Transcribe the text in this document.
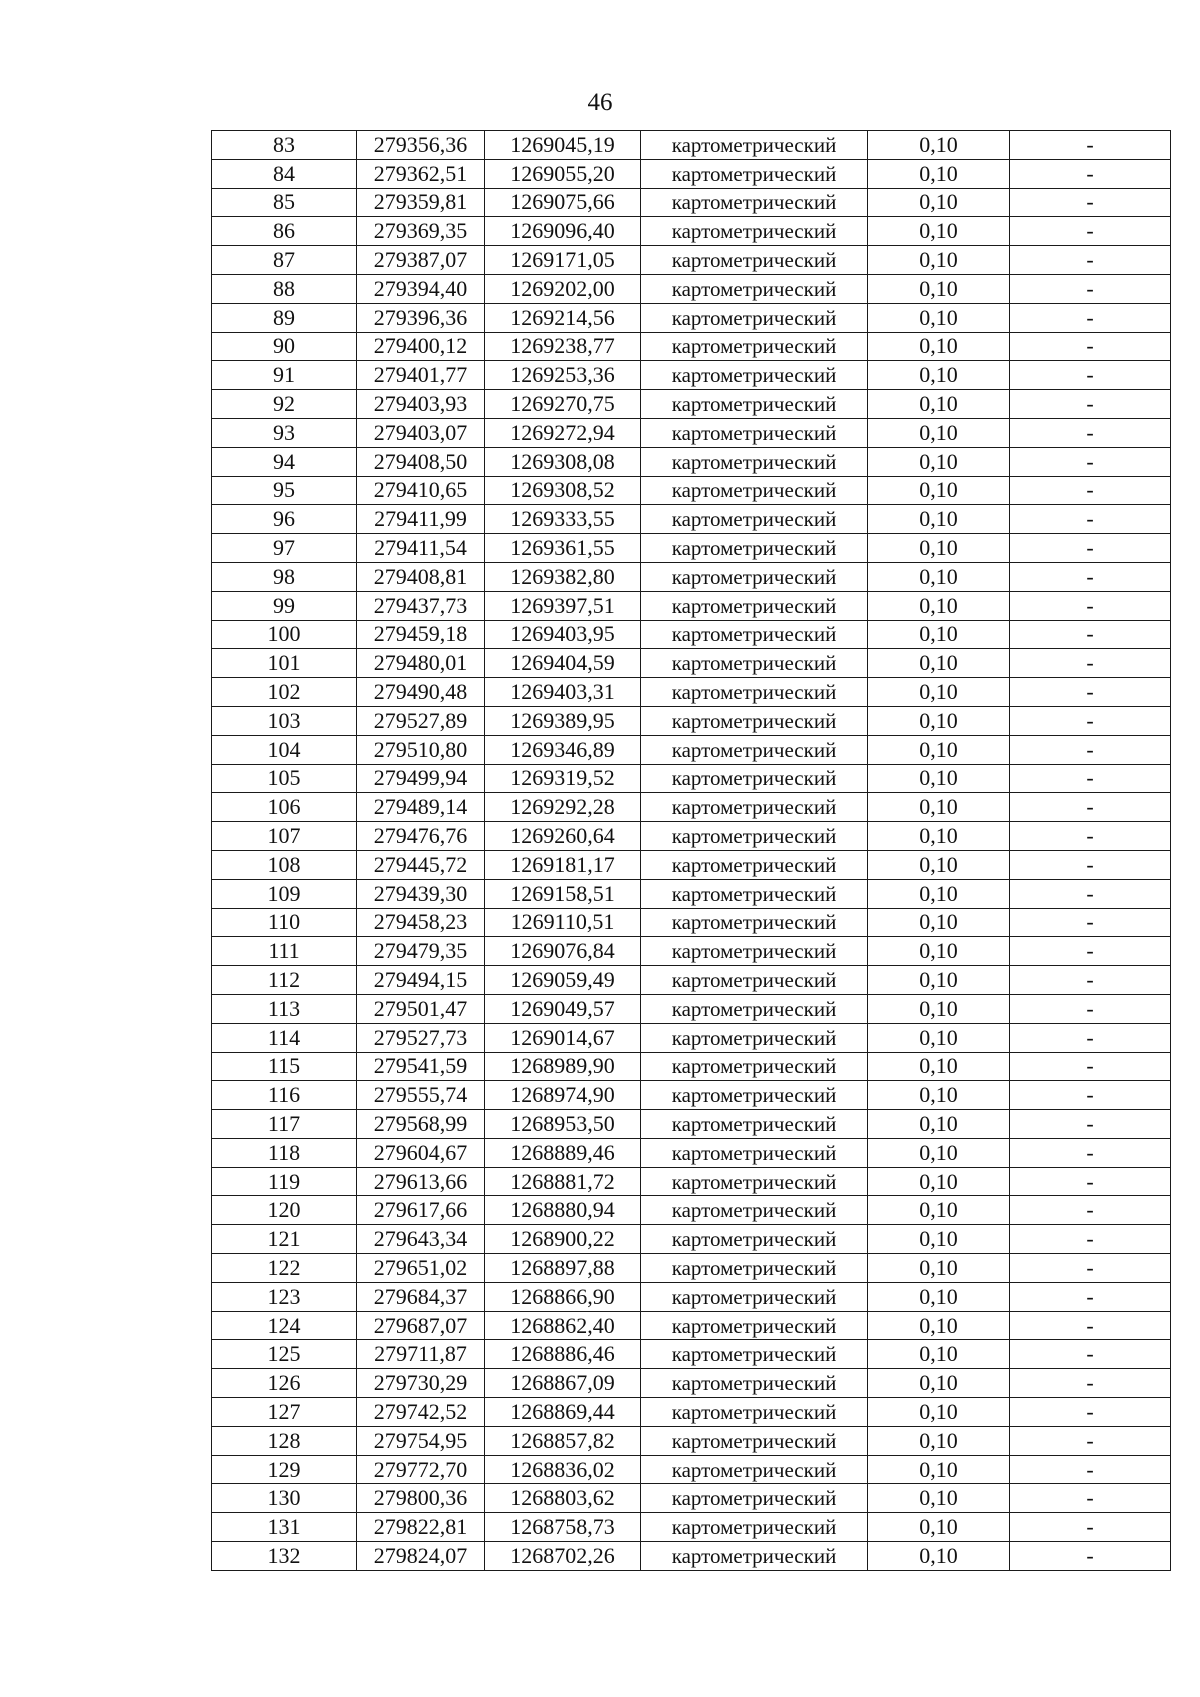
46
83	279356,36	1269045,19	картометрический	0,10	-
84	279362,51	1269055,20	картометрический	0,10	-
85	279359,81	1269075,66	картометрический	0,10	-
86	279369,35	1269096,40	картометрический	0,10	-
87	279387,07	1269171,05	картометрический	0,10	-
88	279394,40	1269202,00	картометрический	0,10	-
89	279396,36	1269214,56	картометрический	0,10	-
90	279400,12	1269238,77	картометрический	0,10	-
91	279401,77	1269253,36	картометрический	0,10	-
92	279403,93	1269270,75	картометрический	0,10	-
93	279403,07	1269272,94	картометрический	0,10	-
94	279408,50	1269308,08	картометрический	0,10	-
95	279410,65	1269308,52	картометрический	0,10	-
96	279411,99	1269333,55	картометрический	0,10	-
97	279411,54	1269361,55	картометрический	0,10	-
98	279408,81	1269382,80	картометрический	0,10	-
99	279437,73	1269397,51	картометрический	0,10	-
100	279459,18	1269403,95	картометрический	0,10	-
101	279480,01	1269404,59	картометрический	0,10	-
102	279490,48	1269403,31	картометрический	0,10	-
103	279527,89	1269389,95	картометрический	0,10	-
104	279510,80	1269346,89	картометрический	0,10	-
105	279499,94	1269319,52	картометрический	0,10	-
106	279489,14	1269292,28	картометрический	0,10	-
107	279476,76	1269260,64	картометрический	0,10	-
108	279445,72	1269181,17	картометрический	0,10	-
109	279439,30	1269158,51	картометрический	0,10	-
110	279458,23	1269110,51	картометрический	0,10	-
111	279479,35	1269076,84	картометрический	0,10	-
112	279494,15	1269059,49	картометрический	0,10	-
113	279501,47	1269049,57	картометрический	0,10	-
114	279527,73	1269014,67	картометрический	0,10	-
115	279541,59	1268989,90	картометрический	0,10	-
116	279555,74	1268974,90	картометрический	0,10	-
117	279568,99	1268953,50	картометрический	0,10	-
118	279604,67	1268889,46	картометрический	0,10	-
119	279613,66	1268881,72	картометрический	0,10	-
120	279617,66	1268880,94	картометрический	0,10	-
121	279643,34	1268900,22	картометрический	0,10	-
122	279651,02	1268897,88	картометрический	0,10	-
123	279684,37	1268866,90	картометрический	0,10	-
124	279687,07	1268862,40	картометрический	0,10	-
125	279711,87	1268886,46	картометрический	0,10	-
126	279730,29	1268867,09	картометрический	0,10	-
127	279742,52	1268869,44	картометрический	0,10	-
128	279754,95	1268857,82	картометрический	0,10	-
129	279772,70	1268836,02	картометрический	0,10	-
130	279800,36	1268803,62	картометрический	0,10	-
131	279822,81	1268758,73	картометрический	0,10	-
132	279824,07	1268702,26	картометрический	0,10	-
